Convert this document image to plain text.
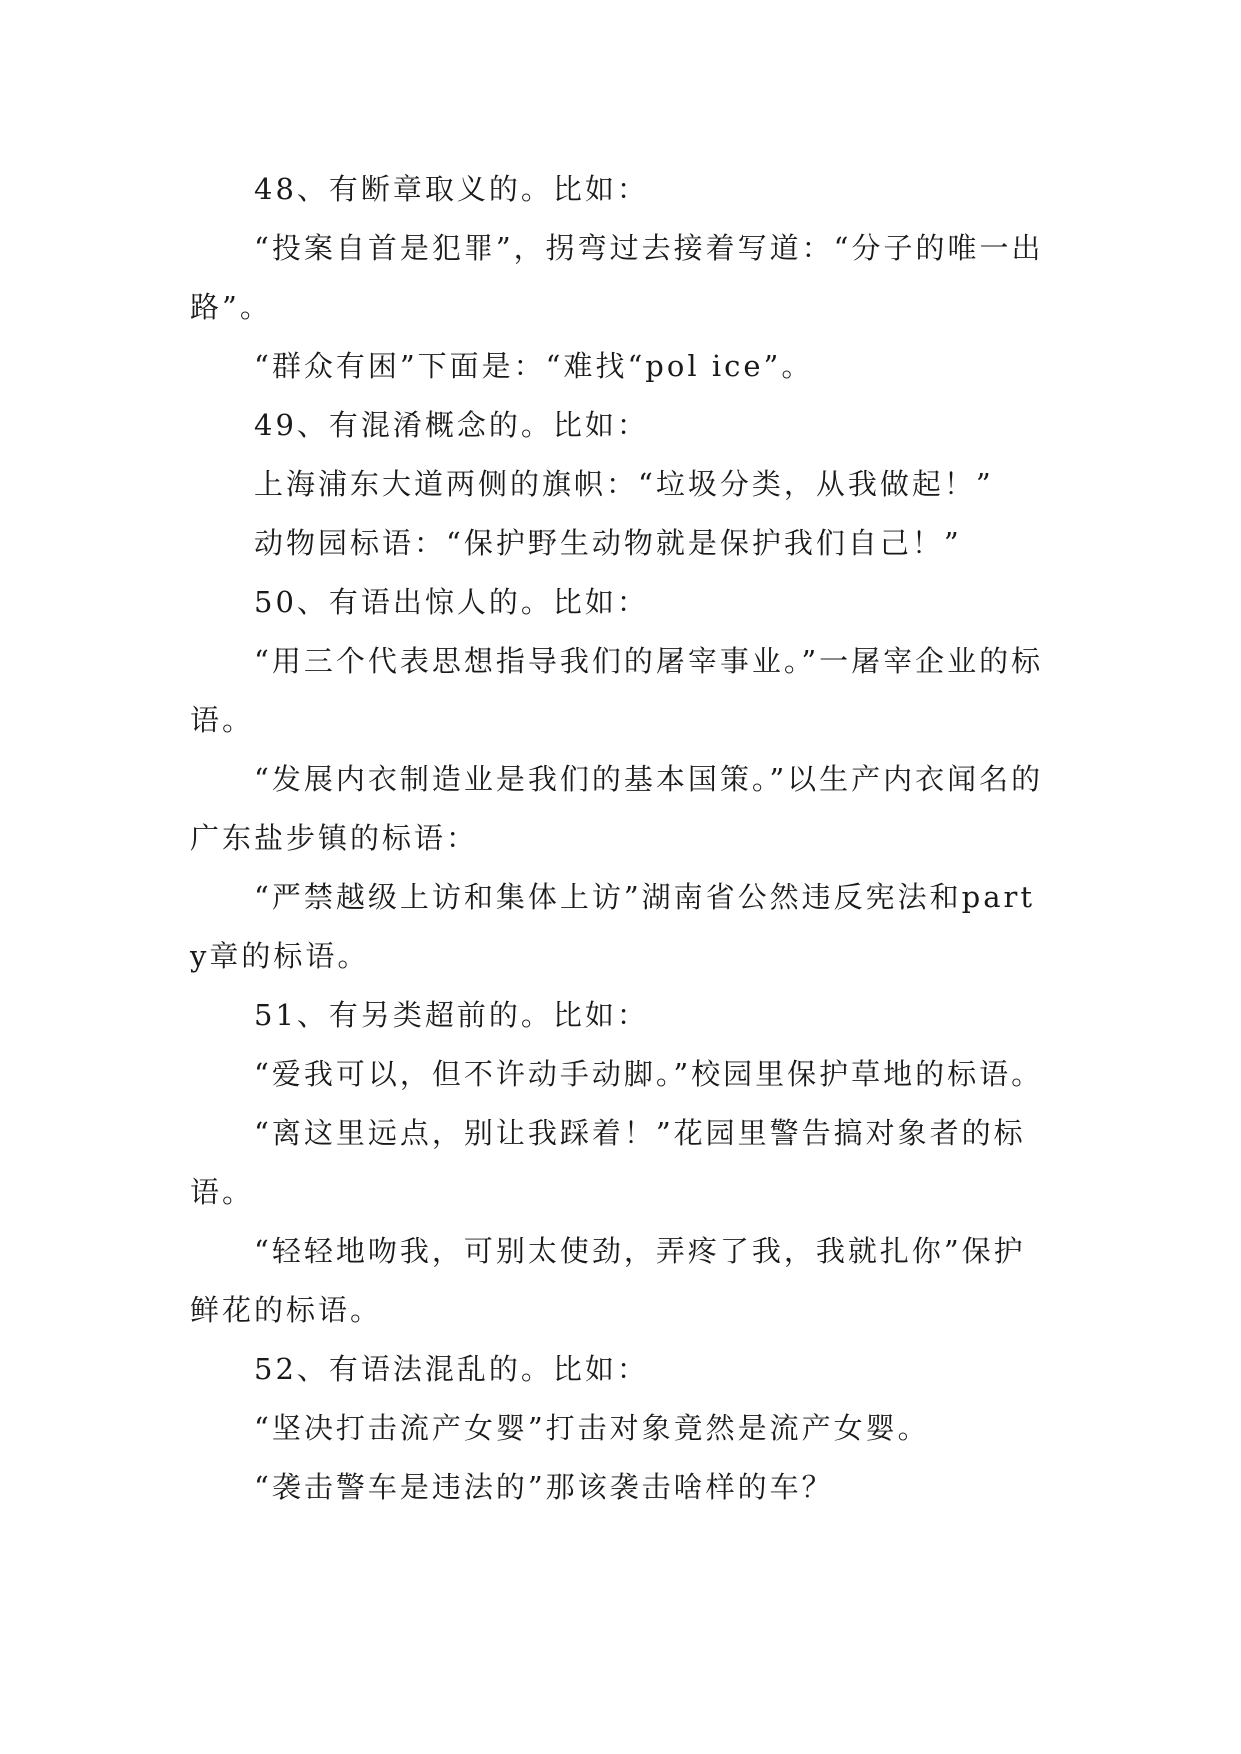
48、有断章取义的。比如：

“投案自首是犯罪”，拐弯过去接着写道：“分子的唯一出路”。

“群众有困”下面是：“难找“pol ice”。

49、有混淆概念的。比如：

上海浦东大道两侧的旗帜：“垃圾分类，从我做起！”

动物园标语：“保护野生动物就是保护我们自己！”

50、有语出惊人的。比如：

“用三个代表思想指导我们的屠宰事业。”一屠宰企业的标语。

“发展内衣制造业是我们的基本国策。”以生产内衣闻名的广东盐步镇的标语：

“严禁越级上访和集体上访”湖南省公然违反宪法和party章的标语。

51、有另类超前的。比如：

“爱我可以，但不许动手动脚。”校园里保护草地的标语。

“离这里远点，别让我踩着！”花园里警告搞对象者的标语。

“轻轻地吻我，可别太使劲，弄疼了我，我就扎你”保护鲜花的标语。

52、有语法混乱的。比如：

“坚决打击流产女婴”打击对象竟然是流产女婴。

“袭击警车是违法的”那该袭击啥样的车？
